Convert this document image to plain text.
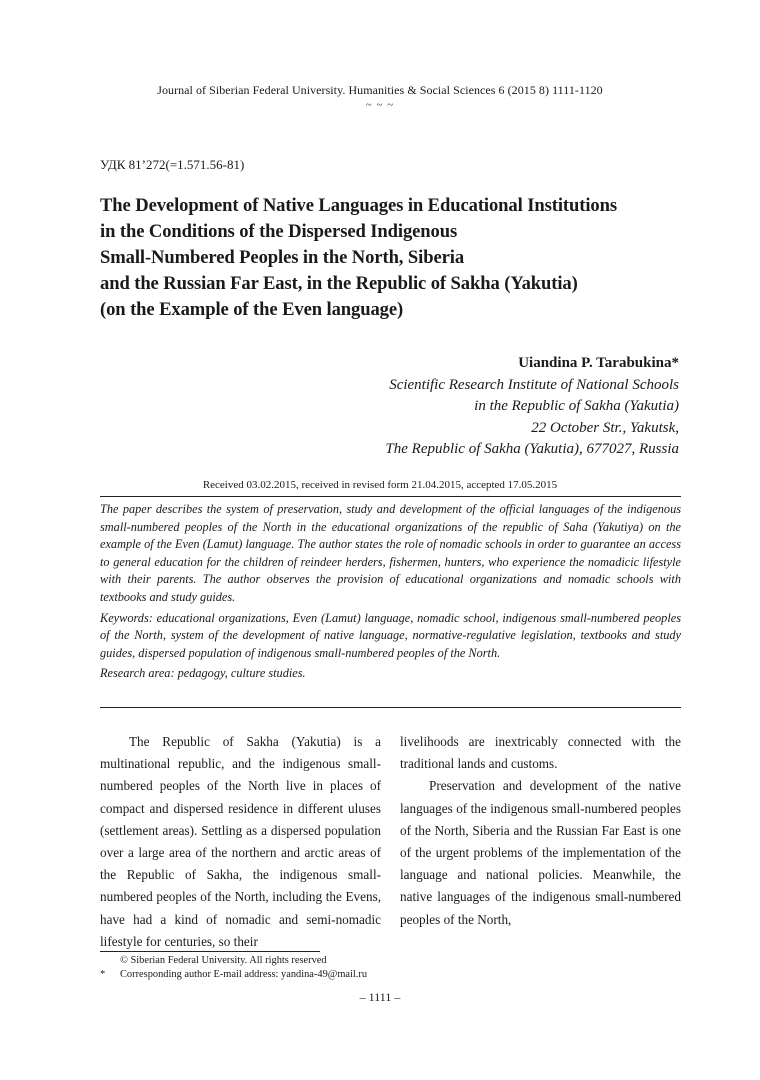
Journal of Siberian Federal University. Humanities & Social Sciences 6 (2015 8) 1111-1120
~ ~ ~
УДК 81’272(=1.571.56-81)
The Development of Native Languages in Educational Institutions
in the Conditions of the Dispersed Indigenous
Small-Numbered Peoples in the North, Siberia
and the Russian Far East, in the Republic of Sakha (Yakutia)
(on the Example of the Even language)
Uiandina P. Tarabukina*
Scientific Research Institute of National Schools
in the Republic of Sakha (Yakutia)
22 October Str., Yakutsk,
The Republic of Sakha (Yakutia), 677027, Russia
Received 03.02.2015, received in revised form 21.04.2015, accepted 17.05.2015

The paper describes the system of preservation, study and development of the official languages of the indigenous small-numbered peoples of the North in the educational organizations of the republic of Saha (Yakutiya) on the example of the Even (Lamut) language. The author states the role of nomadic schools in order to guarantee an access to general education for the children of reindeer herders, fishermen, hunters, who experience the nomadicic lifestyle with their parents. The author observes the provision of educational organizations and nomadic schools with textbooks and study guides.

Keywords: educational organizations, Even (Lamut) language, nomadic school, indigenous small-numbered peoples of the North, system of the development of native language, normative-regulative legislation, textbooks and study guides, dispersed population of indigenous small-numbered peoples of the North.

Research area: pedagogy, culture studies.

The Republic of Sakha (Yakutia) is a multinational republic, and the indigenous small-numbered peoples of the North live in places of compact and dispersed residence in different uluses (settlement areas). Settling as a dispersed population over a large area of the northern and arctic areas of the Republic of Sakha, the indigenous small-numbered peoples of the North, including the Evens, have had a kind of nomadic and semi-nomadic lifestyle for centuries, so their

livelihoods are inextricably connected with the traditional lands and customs.

Preservation and development of the native languages of the indigenous small-numbered peoples of the North, Siberia and the Russian Far East is one of the urgent problems of the implementation of the language and national policies. Meanwhile, the native languages of the indigenous small-numbered peoples of the North,

© Siberian Federal University. All rights reserved
*	Corresponding author E-mail address: yandina-49@mail.ru
– 1111 –
